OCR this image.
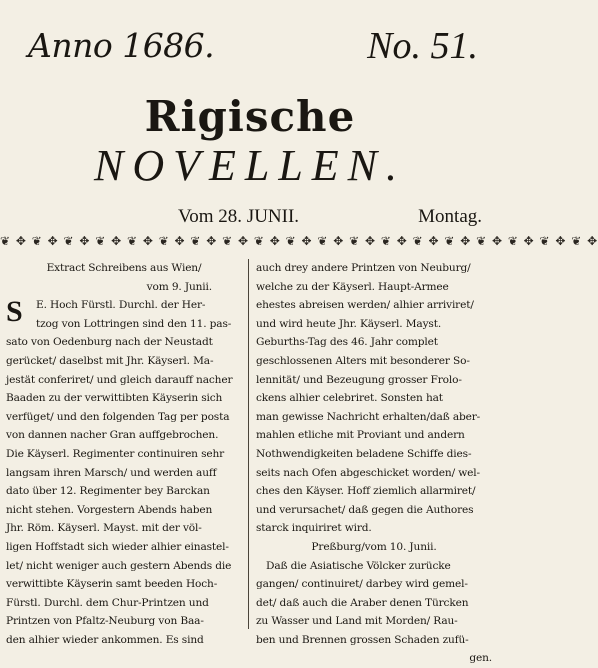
Anno 1686.	No. 51.
Rigische
NOVELLEN.
Vom 28. JUNII.	Montag.
❦ ✥ ❦ ✥ ❦ ✥ ❦ ✥ ❦ ✥ ❦ ✥ ❦ ✥ ❦ ✥ ❦ ✥ ❦ ✥ ❦ ✥ ❦ ✥ ❦ ✥ ❦ ✥ ❦ ✥ ❦ ✥ ❦ ✥ ❦ ✥ ❦ ✥
S
Extract Schreibens aus Wien/
vom 9. Junii.
E. Hoch Fürstl. Durchl. der Her-
tzog von Lottringen sind den 11. pas-
sato von Oedenburg nach der Neustadt
gerücket/ daselbst mit Jhr. Käyserl. Ma-
jestät conferiret/ und gleich darauff nacher
Baaden zu der verwittibten Käyserin sich
verfüget/ und den folgenden Tag per posta
von dannen nacher Gran auffgebrochen.
Die Käyserl. Regimenter continuiren sehr
langsam ihren Marsch/ und werden auff
dato über 12. Regimenter bey Barckan
nicht stehen. Vorgestern Abends haben
Jhr. Röm. Käyserl. Mayst. mit der völ-
ligen Hoffstadt sich wieder alhier einastel-
let/ nicht weniger auch gestern Abends die
verwittibte Käyserin samt beeden Hoch-
Fürstl. Durchl. dem Chur-Printzen und
Printzen von Pfaltz-Neuburg von Baa-
den alhier wieder ankommen. Es sind
auch drey andere Printzen von Neuburg/
welche zu der Käyserl. Haupt-Armee
ehestes abreisen werden/ alhier arriviret/
und wird heute Jhr. Käyserl. Mayst.
Geburths-Tag des 46. Jahr complet
geschlossenen Alters mit besonderer So-
lennität/ und Bezeugung grosser Frolo-
ckens alhier celebriret. Sonsten hat
man gewisse Nachricht erhalten/daß aber-
mahlen etliche mit Proviant und andern
Nothwendigkeiten beladene Schiffe dies-
seits nach Ofen abgeschicket worden/ wel-
ches den Käyser. Hoff ziemlich allarmiret/
und verursachet/ daß gegen die Authores
starck inquiriret wird.
Preßburg/vom 10. Junii.
Daß die Asiatische Völcker zurücke
gangen/ continuiret/ darbey wird gemel-
det/ daß auch die Araber denen Türcken
zu Wasser und Land mit Morden/ Rau-
ben und Brennen grossen Schaden zufü-
gen.
